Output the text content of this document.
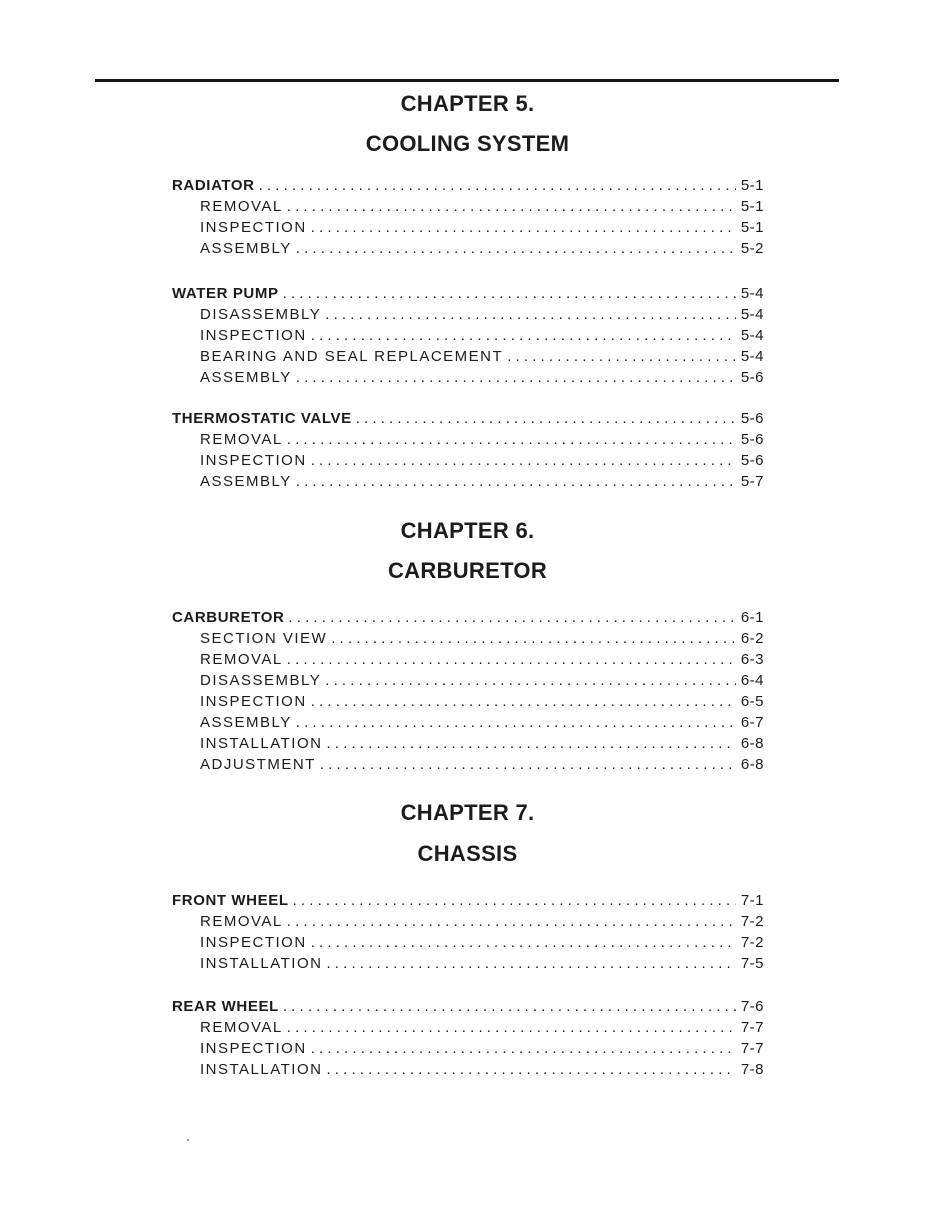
CHAPTER 5.
COOLING SYSTEM
RADIATOR . . .	5-1
REMOVAL . . .	5-1
INSPECTION . . .	5-1
ASSEMBLY . . .	5-2
WATER PUMP . . .	5-4
DISASSEMBLY . . .	5-4
INSPECTION . . .	5-4
BEARING AND SEAL REPLACEMENT . . .	5-4
ASSEMBLY . . .	5-6
THERMOSTATIC VALVE . . .	5-6
REMOVAL . . .	5-6
INSPECTION . . .	5-6
ASSEMBLY . . .	5-7
CHAPTER 6.
CARBURETOR
CARBURETOR . . .	6-1
SECTION VIEW . . .	6-2
REMOVAL . . .	6-3
DISASSEMBLY . . .	6-4
INSPECTION . . .	6-5
ASSEMBLY . . .	6-7
INSTALLATION . . .	6-8
ADJUSTMENT . . .	6-8
CHAPTER 7.
CHASSIS
FRONT WHEEL . . .	7-1
REMOVAL . . .	7-2
INSPECTION . . .	7-2
INSTALLATION . . .	7-5
REAR WHEEL . . .	7-6
REMOVAL . . .	7-7
INSPECTION . . .	7-7
INSTALLATION . . .	7-8
